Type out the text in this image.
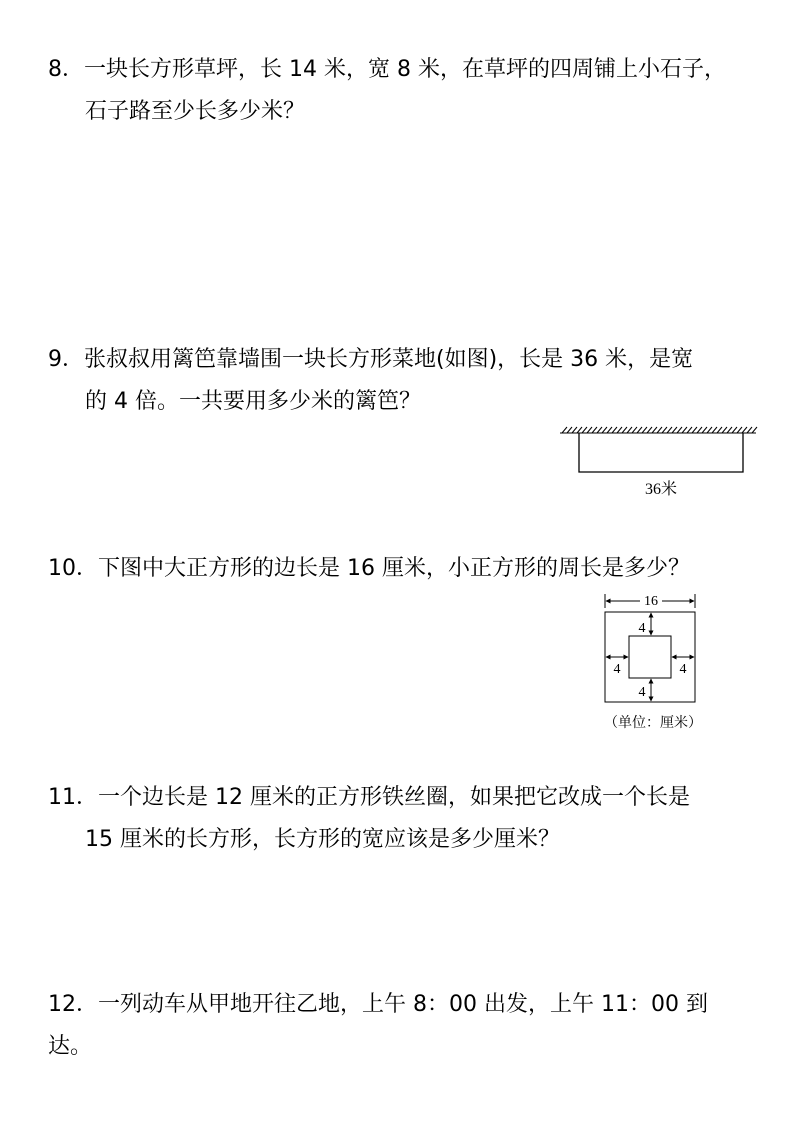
8．一块长方形草坪，长 14 米，宽 8 米，在草坪的四周铺上小石子，
石子路至少长多少米？
9．张叔叔用篱笆靠墙围一块长方形菜地(如图)，长是 36 米，是宽
的 4 倍。一共要用多少米的篱笆？
36米
10．下图中大正方形的边长是 16 厘米，小正方形的周长是多少？
16
4
4
4	4
（单位：厘米）
11．一个边长是 12 厘米的正方形铁丝圈，如果把它改成一个长是
15 厘米的长方形，长方形的宽应该是多少厘米？
12．一列动车从甲地开往乙地，上午 8：00 出发，上午 11：00 到
达。
